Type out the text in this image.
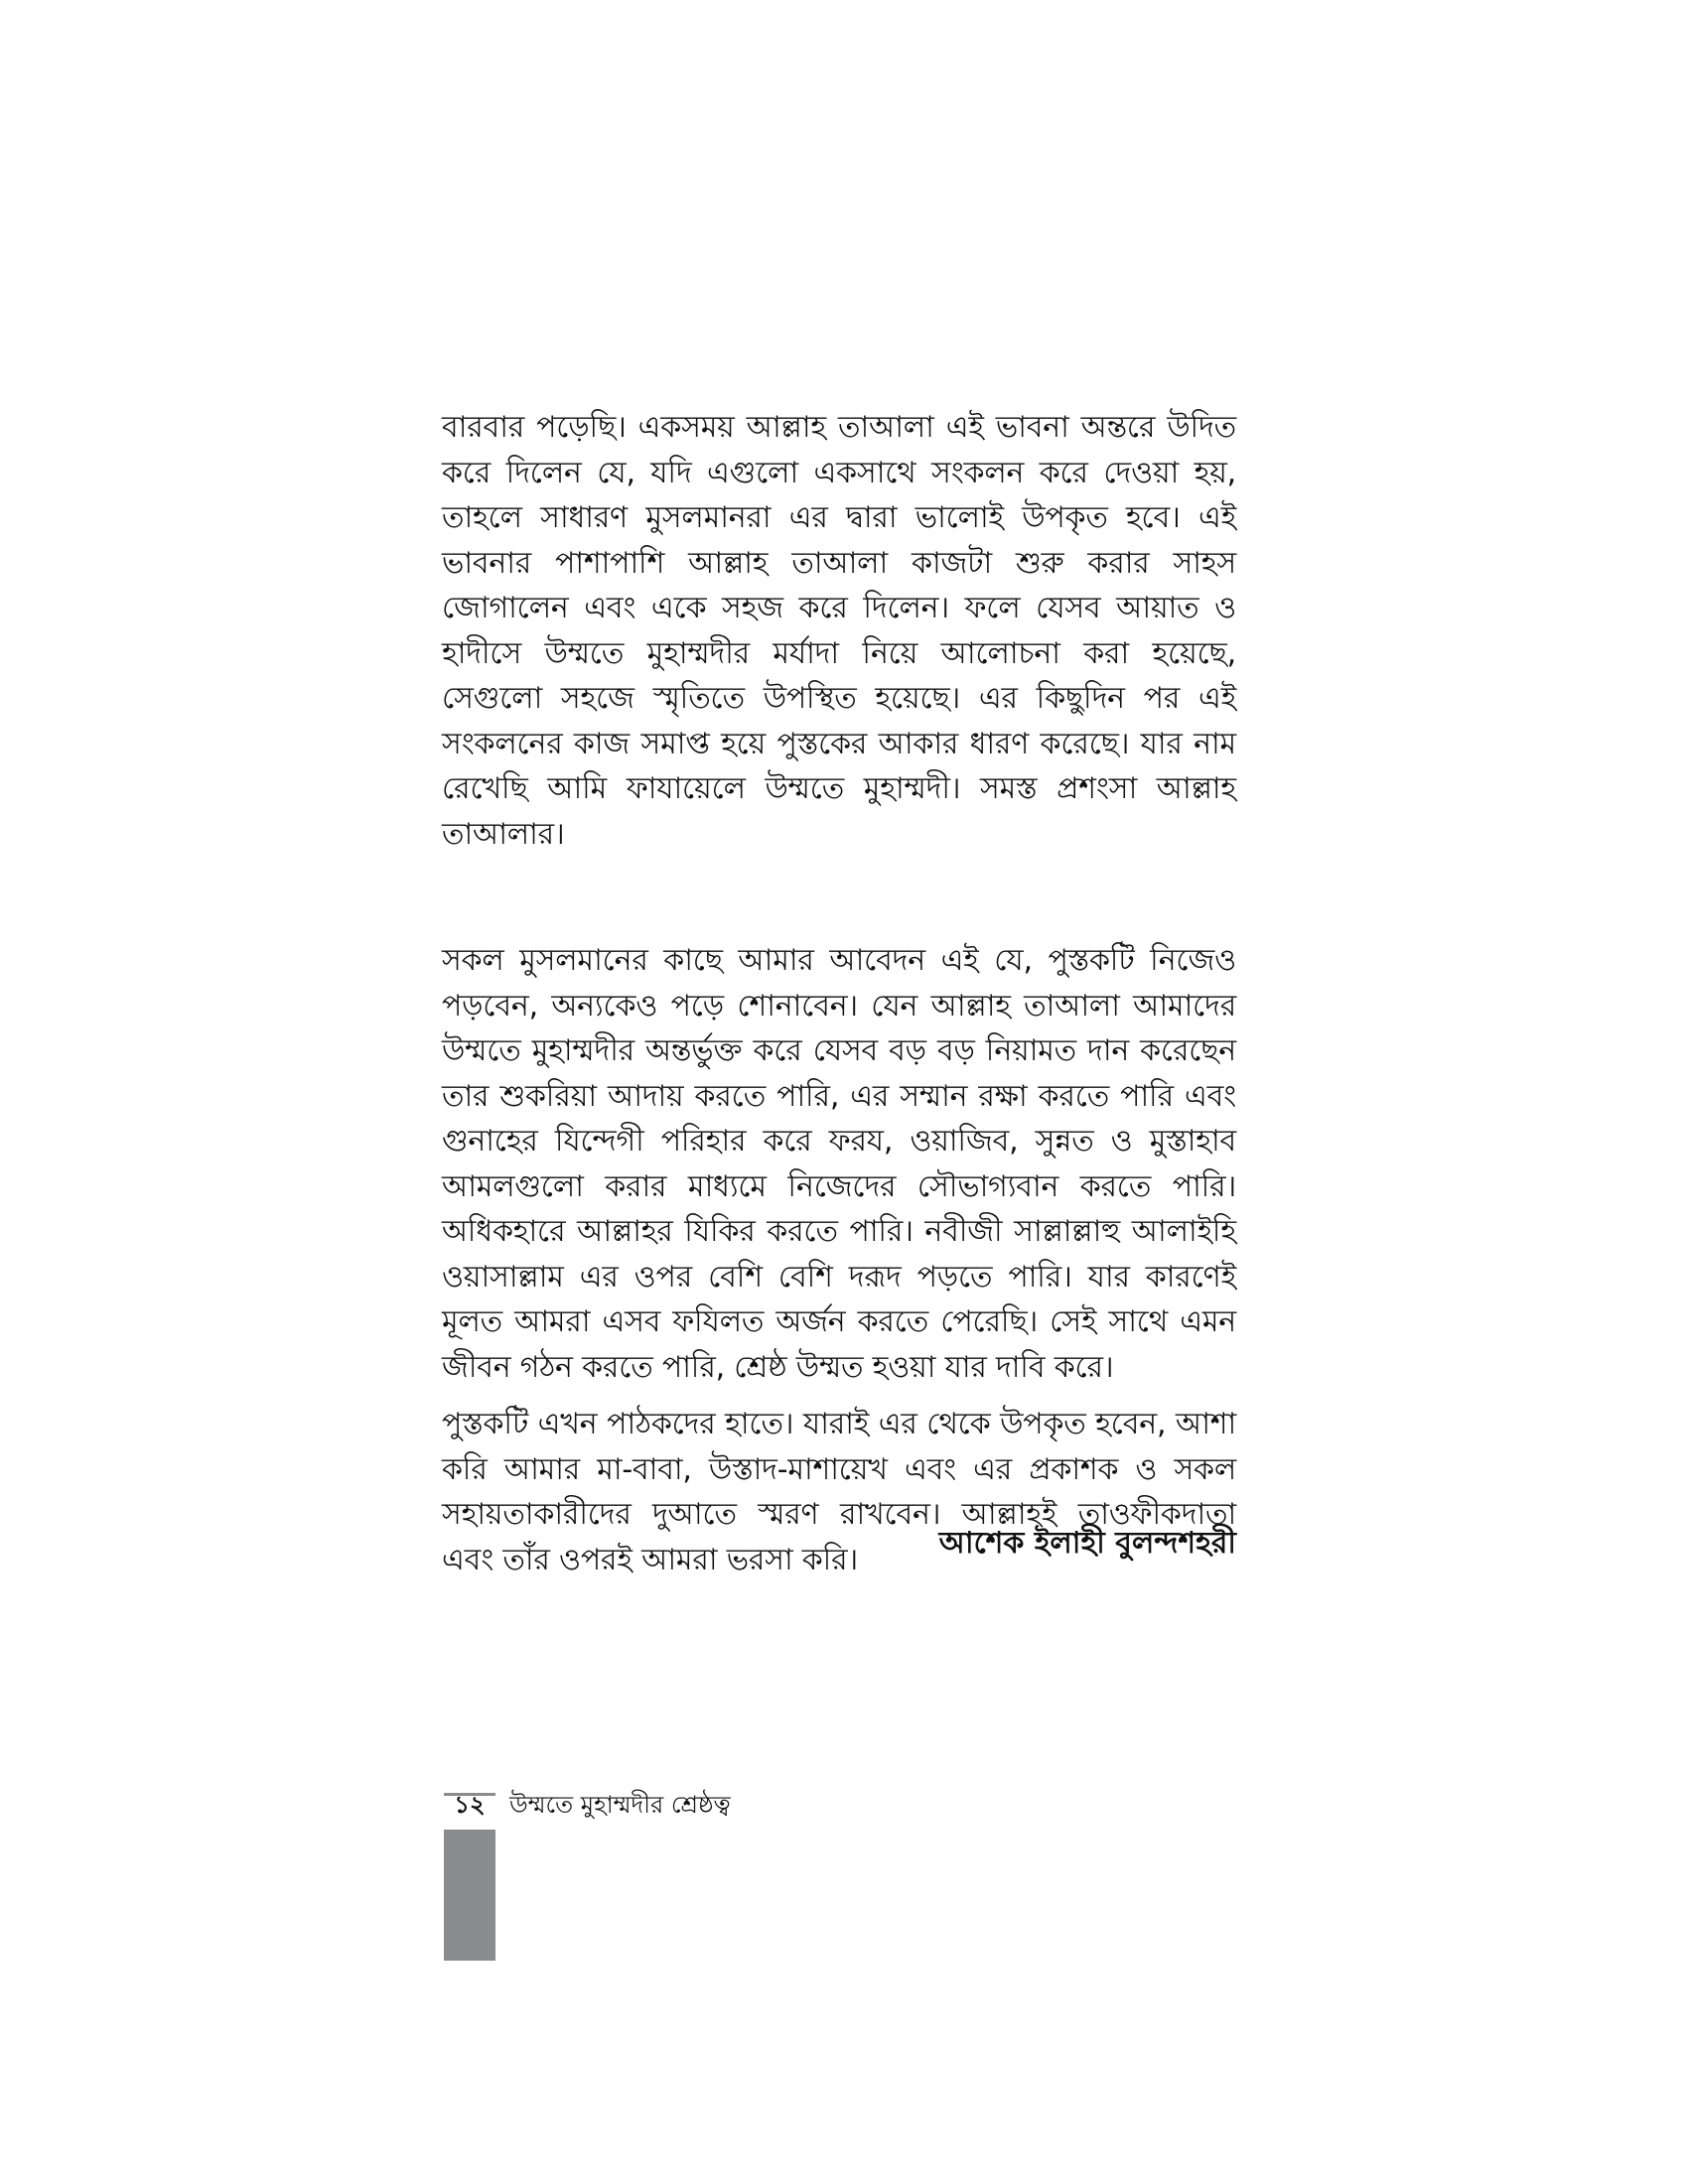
বারবার পড়েছি। একসময় আল্লাহ তাআলা এই ভাবনা অন্তরে উদিত করে দিলেন যে, যদি এগুলো একসাথে সংকলন করে দেওয়া হয়, তাহলে সাধারণ মুসলমানরা এর দ্বারা ভালোই উপকৃত হবে। এই ভাবনার পাশাপাশি আল্লাহ তাআলা কাজটা শুরু করার সাহস জোগালেন এবং একে সহজ করে দিলেন। ফলে যেসব আয়াত ও হাদীসে উম্মতে মুহাম্মদীর মর্যাদা নিয়ে আলোচনা করা হয়েছে, সেগুলো সহজে স্মৃতিতে উপস্থিত হয়েছে। এর কিছুদিন পর এই সংকলনের কাজ সমাপ্ত হয়ে পুস্তকের আকার ধারণ করেছে। যার নাম রেখেছি আমি ফাযায়েলে উম্মতে মুহাম্মদী। সমস্ত প্রশংসা আল্লাহ তাআলার।

সকল মুসলমানের কাছে আমার আবেদন এই যে, পুস্তকটি নিজেও পড়বেন, অন্যকেও পড়ে শোনাবেন। যেন আল্লাহ তাআলা আমাদের উম্মতে মুহাম্মদীর অন্তর্ভুক্ত করে যেসব বড় বড় নিয়ামত দান করেছেন তার শুকরিয়া আদায় করতে পারি, এর সম্মান রক্ষা করতে পারি এবং গুনাহের যিন্দেগী পরিহার করে ফরয, ওয়াজিব, সুন্নত ও মুস্তাহাব আমলগুলো করার মাধ্যমে নিজেদের সৌভাগ্যবান করতে পারি। অধিকহারে আল্লাহর যিকির করতে পারি। নবীজী সাল্লাল্লাহু আলাইহি ওয়াসাল্লাম এর ওপর বেশি বেশি দরূদ পড়তে পারি। যার কারণেই মূলত আমরা এসব ফযিলত অর্জন করতে পেরেছি। সেই সাথে এমন জীবন গঠন করতে পারি, শ্রেষ্ঠ উম্মত হওয়া যার দাবি করে।

পুস্তকটি এখন পাঠকদের হাতে। যারাই এর থেকে উপকৃত হবেন, আশা করি আমার মা-বাবা, উস্তাদ-মাশায়েখ এবং এর প্রকাশক ও সকল সহায়তাকারীদের দুআতে স্মরণ রাখবেন। আল্লাহই তাওফীকদাতা এবং তাঁর ওপরই আমরা ভরসা করি।	আশেক ইলাহী বুলন্দশহরী
১২	উম্মতে মুহাম্মদীর শ্রেষ্ঠত্ব
